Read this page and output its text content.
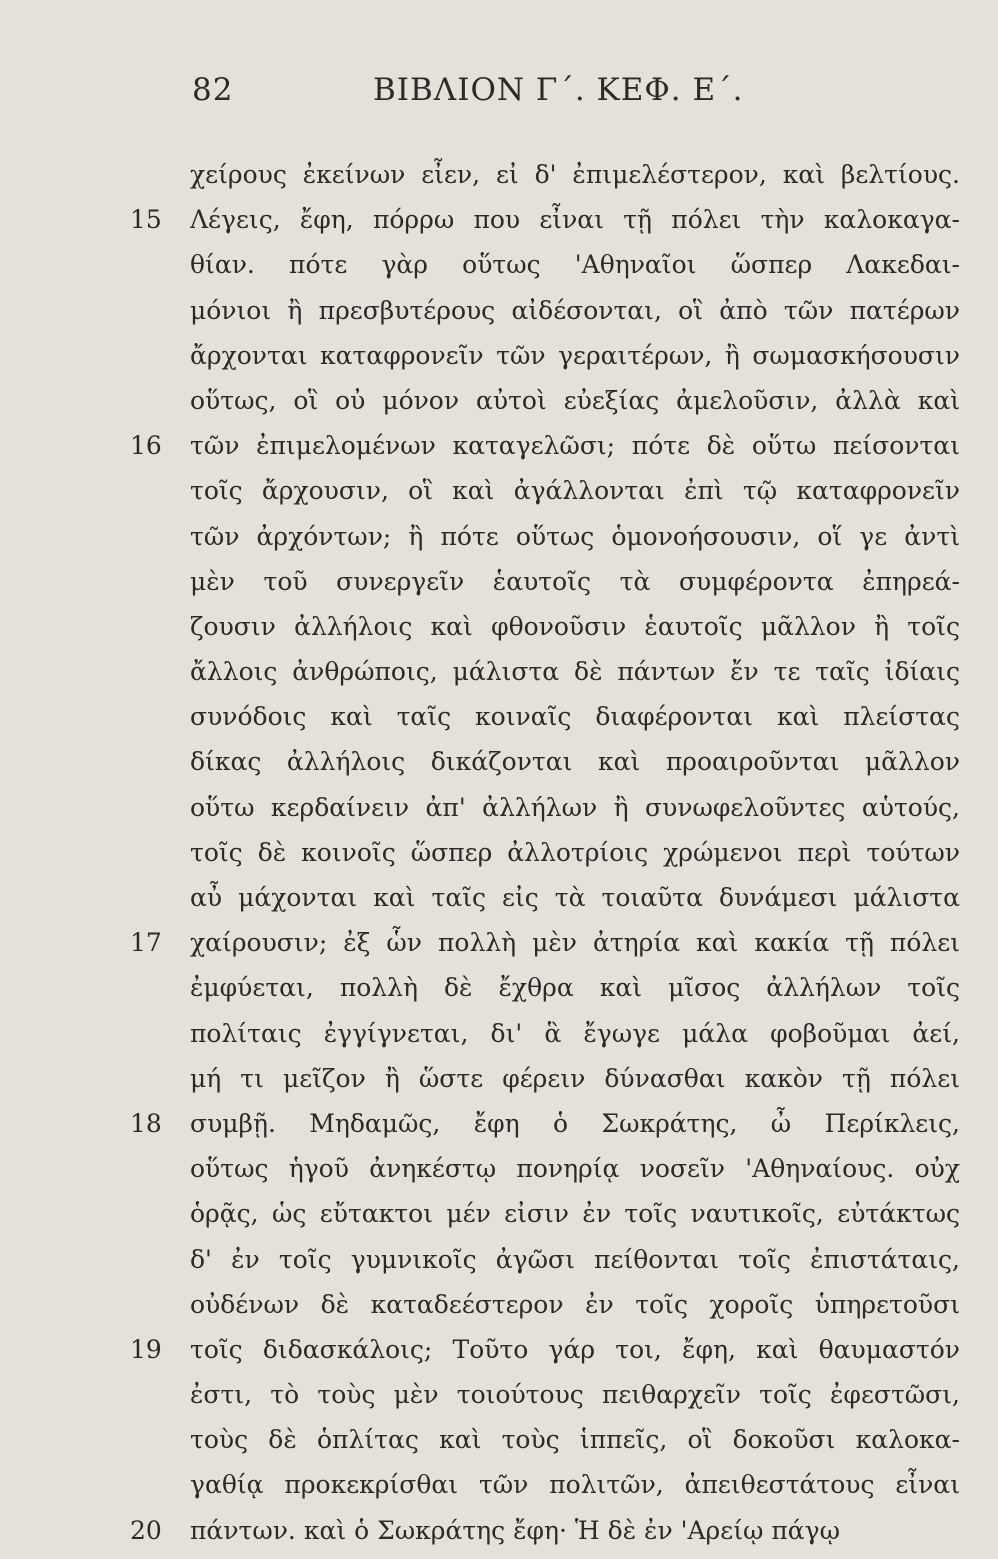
82	ΒΙΒΛΙΟΝ Γ΄. ΚΕΦ. Ε΄.
χείρους ἐκείνων εἶεν, εἰ δ' ἐπιμελέστερον, καὶ βελτίους.
15 Λέγεις, ἔφη, πόρρω που εἶναι τῇ πόλει τὴν καλοκαγα-
θίαν. πότε γὰρ οὕτως 'Αθηναῖοι ὥσπερ Λακεδαι-
μόνιοι ἢ πρεσβυτέρους αἰδέσονται, οἳ ἀπὸ τῶν πατέρων
ἄρχονται καταφρονεῖν τῶν γεραιτέρων, ἢ σωμασκήσουσιν
οὕτως, οἳ οὐ μόνον αὐτοὶ εὐεξίας ἀμελοῦσιν, ἀλλὰ καὶ
16 τῶν ἐπιμελομένων καταγελῶσι; πότε δὲ οὕτω πείσονται
τοῖς ἄρχουσιν, οἳ καὶ ἀγάλλονται ἐπὶ τῷ καταφρονεῖν
τῶν ἀρχόντων; ἢ πότε οὕτως ὁμονοήσουσιν, οἵ γε ἀντὶ
μὲν τοῦ συνεργεῖν ἑαυτοῖς τὰ συμφέροντα ἐπηρεά-
ζουσιν ἀλλήλοις καὶ φθονοῦσιν ἑαυτοῖς μᾶλλον ἢ τοῖς
ἄλλοις ἀνθρώποις, μάλιστα δὲ πάντων ἔν τε ταῖς ἰδίαις
συνόδοις καὶ ταῖς κοιναῖς διαφέρονται καὶ πλείστας
δίκας ἀλλήλοις δικάζονται καὶ προαιροῦνται μᾶλλον
οὕτω κερδαίνειν ἀπ' ἀλλήλων ἢ συνωφελοῦντες αὑτούς,
τοῖς δὲ κοινοῖς ὥσπερ ἀλλοτρίοις χρώμενοι περὶ τούτων
αὖ μάχονται καὶ ταῖς εἰς τὰ τοιαῦτα δυνάμεσι μάλιστα
17 χαίρουσιν; ἐξ ὧν πολλὴ μὲν ἀτηρία καὶ κακία τῇ πόλει
ἐμφύεται, πολλὴ δὲ ἔχθρα καὶ μῖσος ἀλλήλων τοῖς
πολίταις ἐγγίγνεται, δι' ἃ ἔγωγε μάλα φοβοῦμαι ἀεί,
μή τι μεῖζον ἢ ὥστε φέρειν δύνασθαι κακὸν τῇ πόλει
18 συμβῇ. Μηδαμῶς, ἔφη ὁ Σωκράτης, ὦ Περίκλεις,
οὕτως ἡγοῦ ἀνηκέστῳ πονηρίᾳ νοσεῖν 'Αθηναίους. οὐχ
ὁρᾷς, ὡς εὔτακτοι μέν εἰσιν ἐν τοῖς ναυτικοῖς, εὐτάκτως
δ' ἐν τοῖς γυμνικοῖς ἀγῶσι πείθονται τοῖς ἐπιστάταις,
οὐδένων δὲ καταδεέστερον ἐν τοῖς χοροῖς ὑπηρετοῦσι
19 τοῖς διδασκάλοις; Τοῦτο γάρ τοι, ἔφη, καὶ θαυμαστόν
ἐστι, τὸ τοὺς μὲν τοιούτους πειθαρχεῖν τοῖς ἐφεστῶσι,
τοὺς δὲ ὁπλίτας καὶ τοὺς ἱππεῖς, οἳ δοκοῦσι καλοκα-
γαθίᾳ προκεκρίσθαι τῶν πολιτῶν, ἀπειθεστάτους εἶναι
20 πάντων. καὶ ὁ Σωκράτης ἔφη· Ἡ δὲ ἐν 'Αρείῳ πάγῳ
